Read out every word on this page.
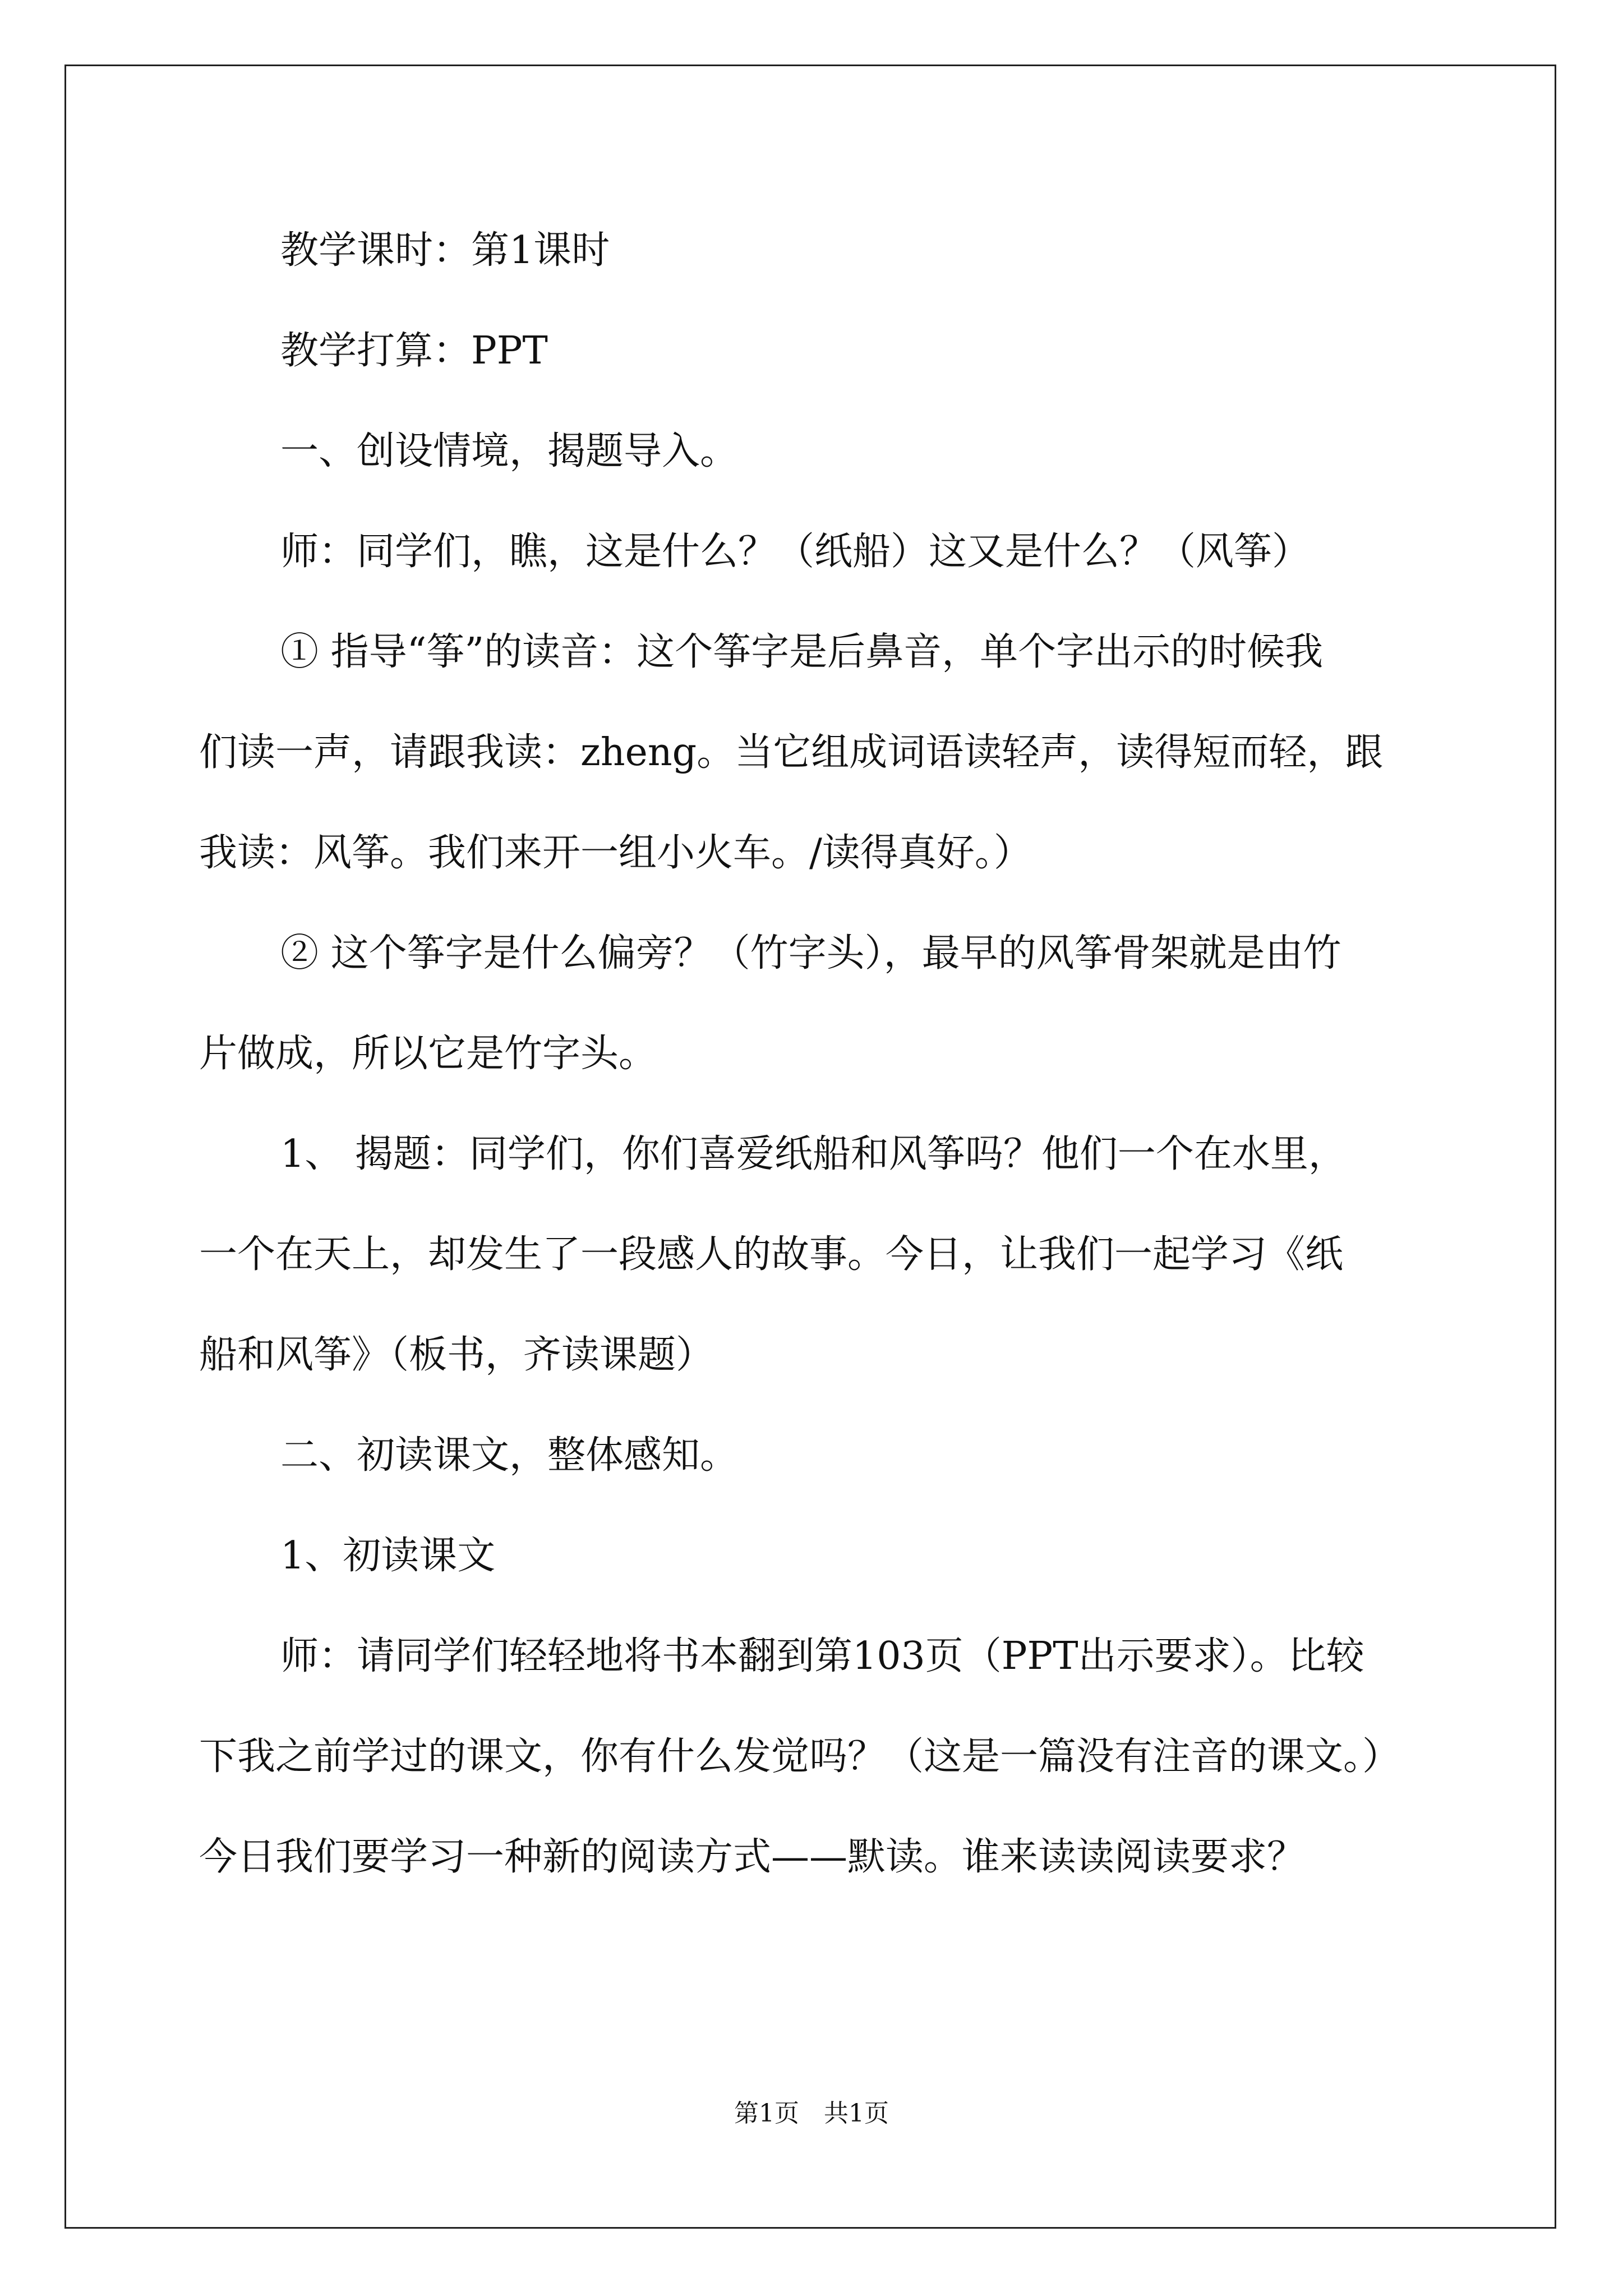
教学课时：第1课时
教学打算：PPT
一、创设情境，揭题导入。
师：同学们，瞧，这是什么？（纸船）这又是什么？（风筝）
① 指导“筝”的读音：这个筝字是后鼻音，单个字出示的时候我
们读一声，请跟我读：zheng。当它组成词语读轻声，读得短而轻，跟
我读：风筝。我们来开一组小火车。/读得真好。）
② 这个筝字是什么偏旁？（竹字头），最早的风筝骨架就是由竹
片做成，所以它是竹字头。
1、 揭题：同学们，你们喜爱纸船和风筝吗？他们一个在水里，
一个在天上，却发生了一段感人的故事。今日，让我们一起学习《纸
船和风筝》（板书，齐读课题）
二、初读课文，整体感知。
1、初读课文
师：请同学们轻轻地将书本翻到第103页（PPT出示要求）。比较
下我之前学过的课文，你有什么发觉吗？（这是一篇没有注音的课文。）
今日我们要学习一种新的阅读方式——默读。谁来读读阅读要求？
第1页　共1页
